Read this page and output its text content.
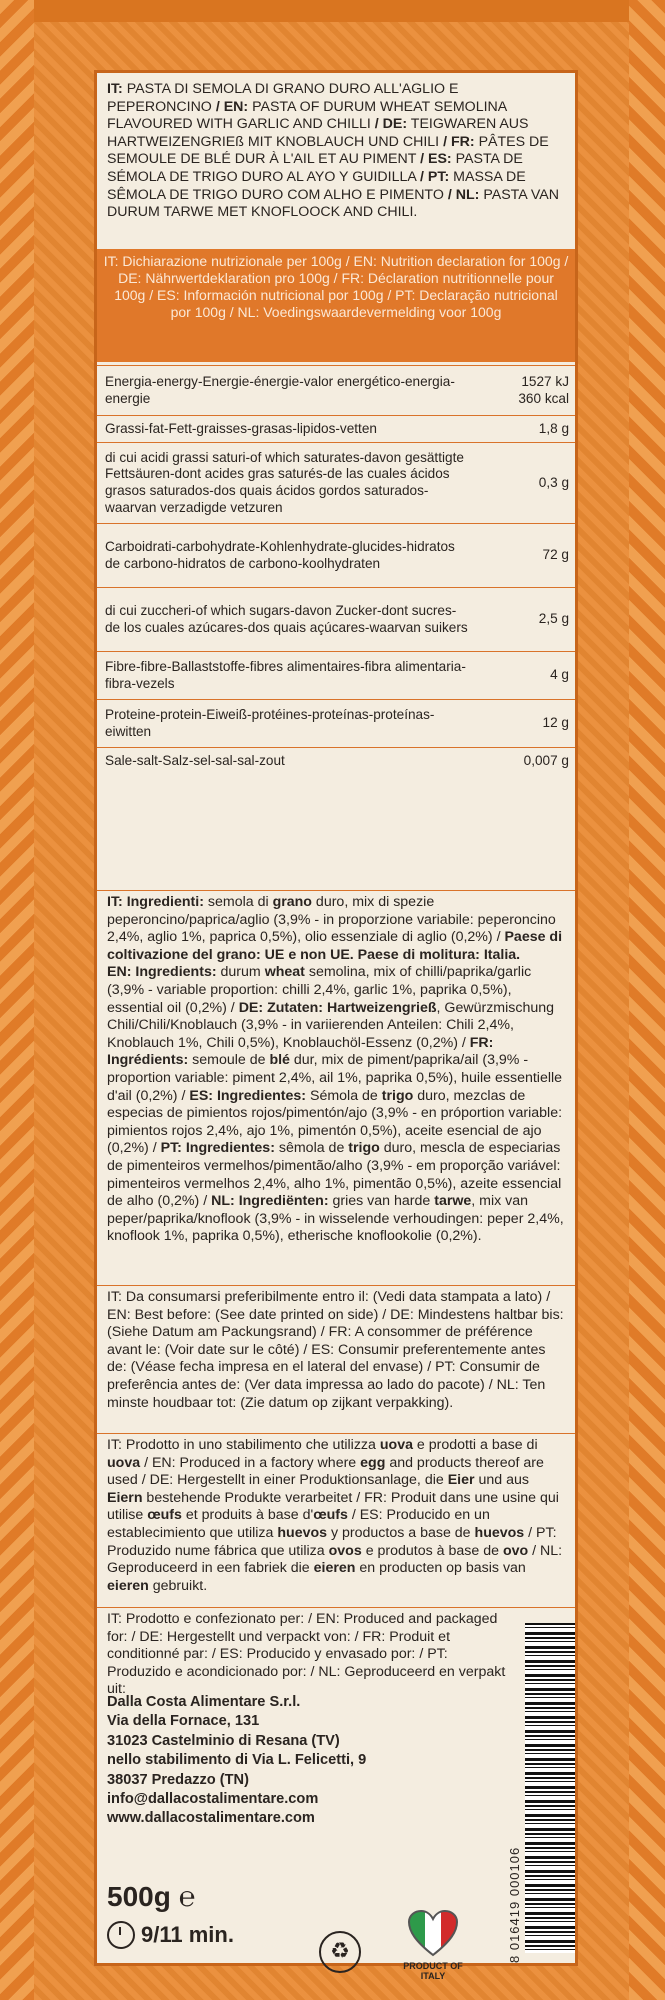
IT: PASTA DI SEMOLA DI GRANO DURO ALL'AGLIO E PEPERONCINO / EN: PASTA OF DURUM WHEAT SEMOLINA FLAVOURED WITH GARLIC AND CHILLI / DE: TEIGWAREN AUS HARTWEIZENGRIEß MIT KNOBLAUCH UND CHILI / FR: PÂTES DE SEMOULE DE BLÉ DUR À L'AIL ET AU PIMENT / ES: PASTA DE SÉMOLA DE TRIGO DURO AL AYO Y GUIDILLA / PT: MASSA DE SÊMOLA DE TRIGO DURO COM ALHO E PIMENTO / NL: PASTA VAN DURUM TARWE MET KNOFLOOCK AND CHILI.
IT: Dichiarazione nutrizionale per 100g / EN: Nutrition declaration for 100g / DE: Nährwertdeklaration pro 100g / FR: Déclaration nutritionnelle pour 100g / ES: Información nutricional por 100g / PT: Declaração nutricional por 100g / NL: Voedingswaardevermelding voor 100g
Energia-energy-Energie-énergie-valor energético-energia-energie	1527 kJ
360 kcal
Grassi-fat-Fett-graisses-grasas-lipidos-vetten	1,8 g
di cui acidi grassi saturi-of which saturates-davon gesättigte Fettsäuren-dont acides gras saturés-de las cuales ácidos grasos saturados-dos quais ácidos gordos saturados-waarvan verzadigde vetzuren	0,3 g
Carboidrati-carbohydrate-Kohlenhydrate-glucides-hidratos de carbono-hidratos de carbono-koolhydraten	72 g
di cui zuccheri-of which sugars-davon Zucker-dont sucres-de los cuales azúcares-dos quais açúcares-waarvan suikers	2,5 g
Fibre-fibre-Ballaststoffe-fibres alimentaires-fibra alimentaria-fibra-vezels	4 g
Proteine-protein-Eiweiß-protéines-proteínas-proteínas-eiwitten	12 g
Sale-salt-Salz-sel-sal-sal-zout	0,007 g
IT: Ingredienti: semola di grano duro, mix di spezie peperoncino/paprica/aglio (3,9% - in proporzione variabile: peperoncino 2,4%, aglio 1%, paprica 0,5%), olio essenziale di aglio (0,2%) / Paese di coltivazione del grano: UE e non UE. Paese di molitura: Italia.
EN: Ingredients: durum wheat semolina, mix of chilli/paprika/garlic (3,9% - variable proportion: chilli 2,4%, garlic 1%, paprika 0,5%), essential oil (0,2%) / DE: Zutaten: Hartweizengrieß, Gewürzmischung Chili/Chili/Knoblauch (3,9% - in variierenden Anteilen: Chili 2,4%, Knoblauch 1%, Chili 0,5%), Knoblauchöl-Essenz (0,2%) / FR: Ingrédients: semoule de blé dur, mix de piment/paprika/ail (3,9% - proportion variable: piment 2,4%, ail 1%, paprika 0,5%), huile essentielle d'ail (0,2%) / ES: Ingredientes: Sémola de trigo duro, mezclas de especias de pimientos rojos/pimentón/ajo (3,9% - en próportion variable: pimientos rojos 2,4%, ajo 1%, pimentón 0,5%), aceite esencial de ajo (0,2%) / PT: Ingredientes: sêmola de trigo duro, mescla de especiarias de pimenteiros vermelhos/pimentão/alho (3,9% - em proporção variável: pimenteiros vermelhos 2,4%, alho 1%, pimentão 0,5%), azeite essencial de alho (0,2%) / NL: Ingrediënten: gries van harde tarwe, mix van peper/paprika/knoflook (3,9% - in wisselende verhoudingen: peper 2,4%, knoflook 1%, paprika 0,5%), etherische knoflookolie (0,2%).
IT: Da consumarsi preferibilmente entro il: (Vedi data stampata a lato) / EN: Best before: (See date printed on side) / DE: Mindestens haltbar bis: (Siehe Datum am Packungsrand) / FR: A consommer de préférence avant le: (Voir date sur le côté) / ES: Consumir preferentemente antes de: (Véase fecha impresa en el lateral del envase) / PT: Consumir de preferência antes de: (Ver data impressa ao lado do pacote) / NL: Ten minste houdbaar tot: (Zie datum op zijkant verpakking).
IT: Prodotto in uno stabilimento che utilizza uova e prodotti a base di uova / EN: Produced in a factory where egg and products thereof are used / DE: Hergestellt in einer Produktionsanlage, die Eier und aus Eiern bestehende Produkte verarbeitet / FR: Produit dans une usine qui utilise œufs et produits à base d'œufs / ES: Producido en un establecimiento que utiliza huevos y productos a base de huevos / PT: Produzido nume fábrica que utiliza ovos e produtos à base de ovo / NL: Geproduceerd in een fabriek die eieren en producten op basis van eieren gebruikt.
IT: Prodotto e confezionato per: / EN: Produced and packaged for: / DE: Hergestellt und verpackt von: / FR: Produit et conditionné par: / ES: Producido y envasado por: / PT: Produzido e acondicionado por: / NL: Geproduceerd en verpakt uit:
Dalla Costa Alimentare S.r.l.
Via della Fornace, 131
31023 Castelminio di Resana (TV)
nello stabilimento di Via L. Felicetti, 9
38037 Predazzo (TN)
info@dallacostalimentare.com
www.dallacostalimentare.com
500g ℮
9/11 min.
♻
PRODUCT OF ITALY
8 016419 000106
